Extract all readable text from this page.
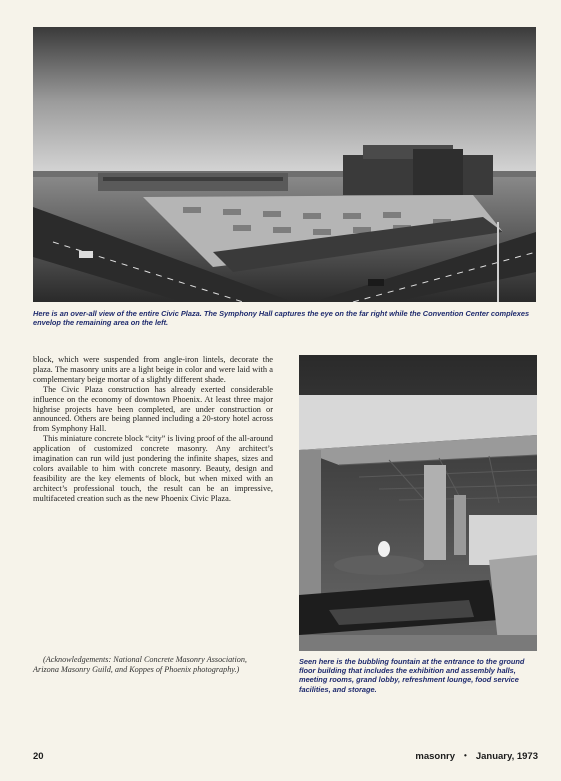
Here is an over-all view of the entire Civic Plaza. The Symphony Hall captures the eye on the far right while the Convention Center complexes envelop the remaining area on the left.

block, which were suspended from angle-iron lintels, decorate the plaza. The masonry units are a light beige in color and were laid with a complementary beige mortar of a slightly different shade.

The Civic Plaza construction has already exerted considerable influence on the economy of downtown Phoenix. At least three major highrise projects have been completed, are under construction or announced. Others are being planned including a 20-story hotel across from Symphony Hall.

This miniature concrete block “city” is living proof of the all-around application of customized concrete masonry. Any architect’s imagination can run wild just pondering the infinite shapes, sizes and colors available to him with concrete masonry. Beauty, design and feasibility are the key elements of block, but when mixed with an architect’s professional touch, the result can be an impressive, multifaceted creation such as the new Phoenix Civic Plaza.

Seen here is the bubbling fountain at the entrance to the ground floor building that includes the exhibition and assembly halls, meeting rooms, grand lobby, refreshment lounge, food service facilities, and storage.
(Acknowledgements: National Concrete Masonry Association, Arizona Masonry Guild, and Koppes of Phoenix photography.)
20	masonry • January, 1973
